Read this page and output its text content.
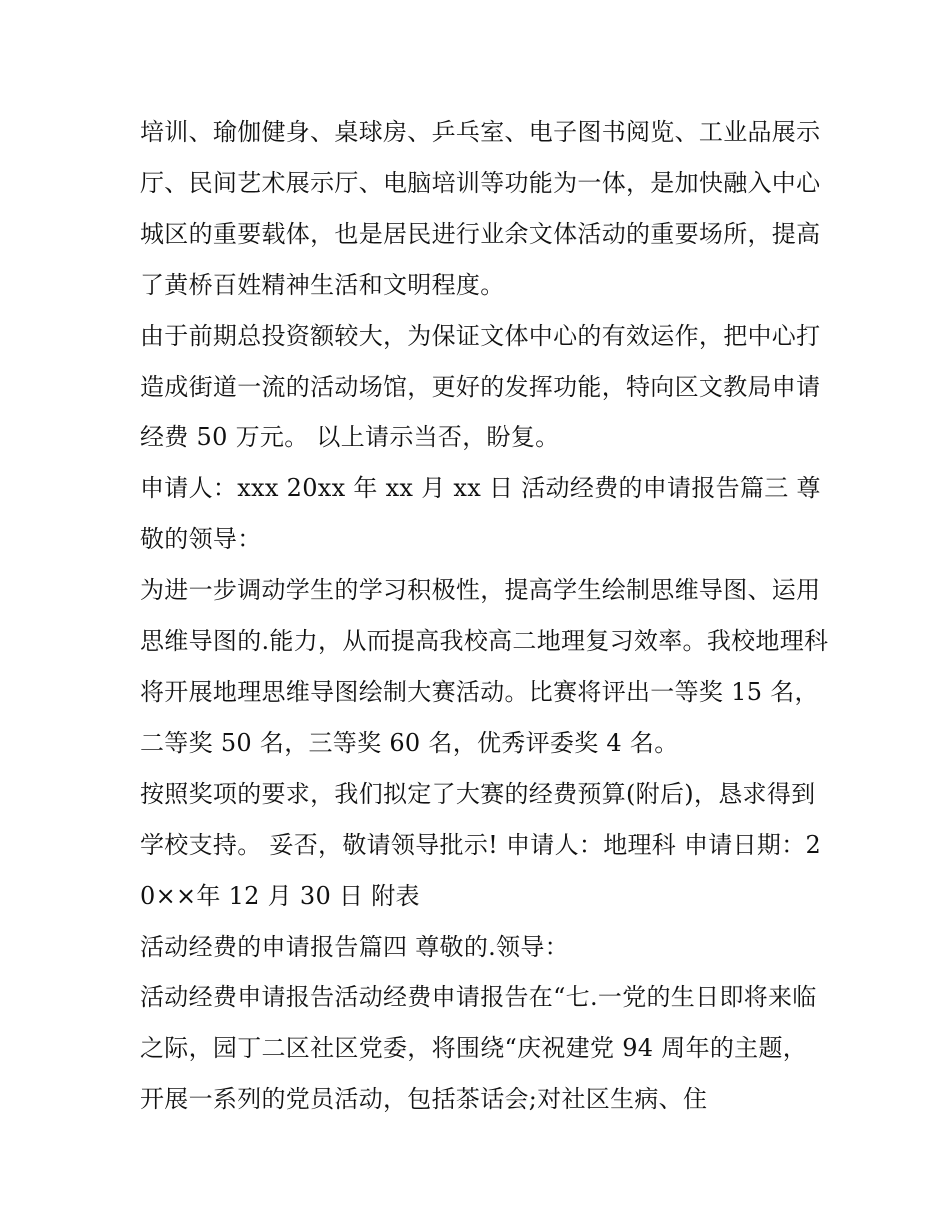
培训、瑜伽健身、桌球房、乒乓室、电子图书阅览、工业品展示厅、民间艺术展示厅、电脑培训等功能为一体，是加快融入中心城区的重要载体，也是居民进行业余文体活动的重要场所，提高了黄桥百姓精神生活和文明程度。

由于前期总投资额较大，为保证文体中心的有效运作，把中心打造成街道一流的活动场馆，更好的发挥功能，特向区文教局申请经费 50 万元。 以上请示当否，盼复。

申请人：xxx 20xx 年 xx 月 xx 日 活动经费的申请报告篇三 尊敬的领导：

为进一步调动学生的学习积极性，提高学生绘制思维导图、运用思维导图的.能力，从而提高我校高二地理复习效率。我校地理科将开展地理思维导图绘制大赛活动。比赛将评出一等奖 15 名，二等奖 50 名，三等奖 60 名，优秀评委奖 4 名。

按照奖项的要求，我们拟定了大赛的经费预算(附后)，恳求得到学校支持。 妥否，敬请领导批示! 申请人：地理科 申请日期：20××年 12 月 30 日 附表

活动经费的申请报告篇四 尊敬的.领导：

活动经费申请报告活动经费申请报告在“七.一党的生日即将来临之际，园丁二区社区党委，将围绕“庆祝建党 94 周年的主题，开展一系列的党员活动，包括茶话会;对社区生病、住
